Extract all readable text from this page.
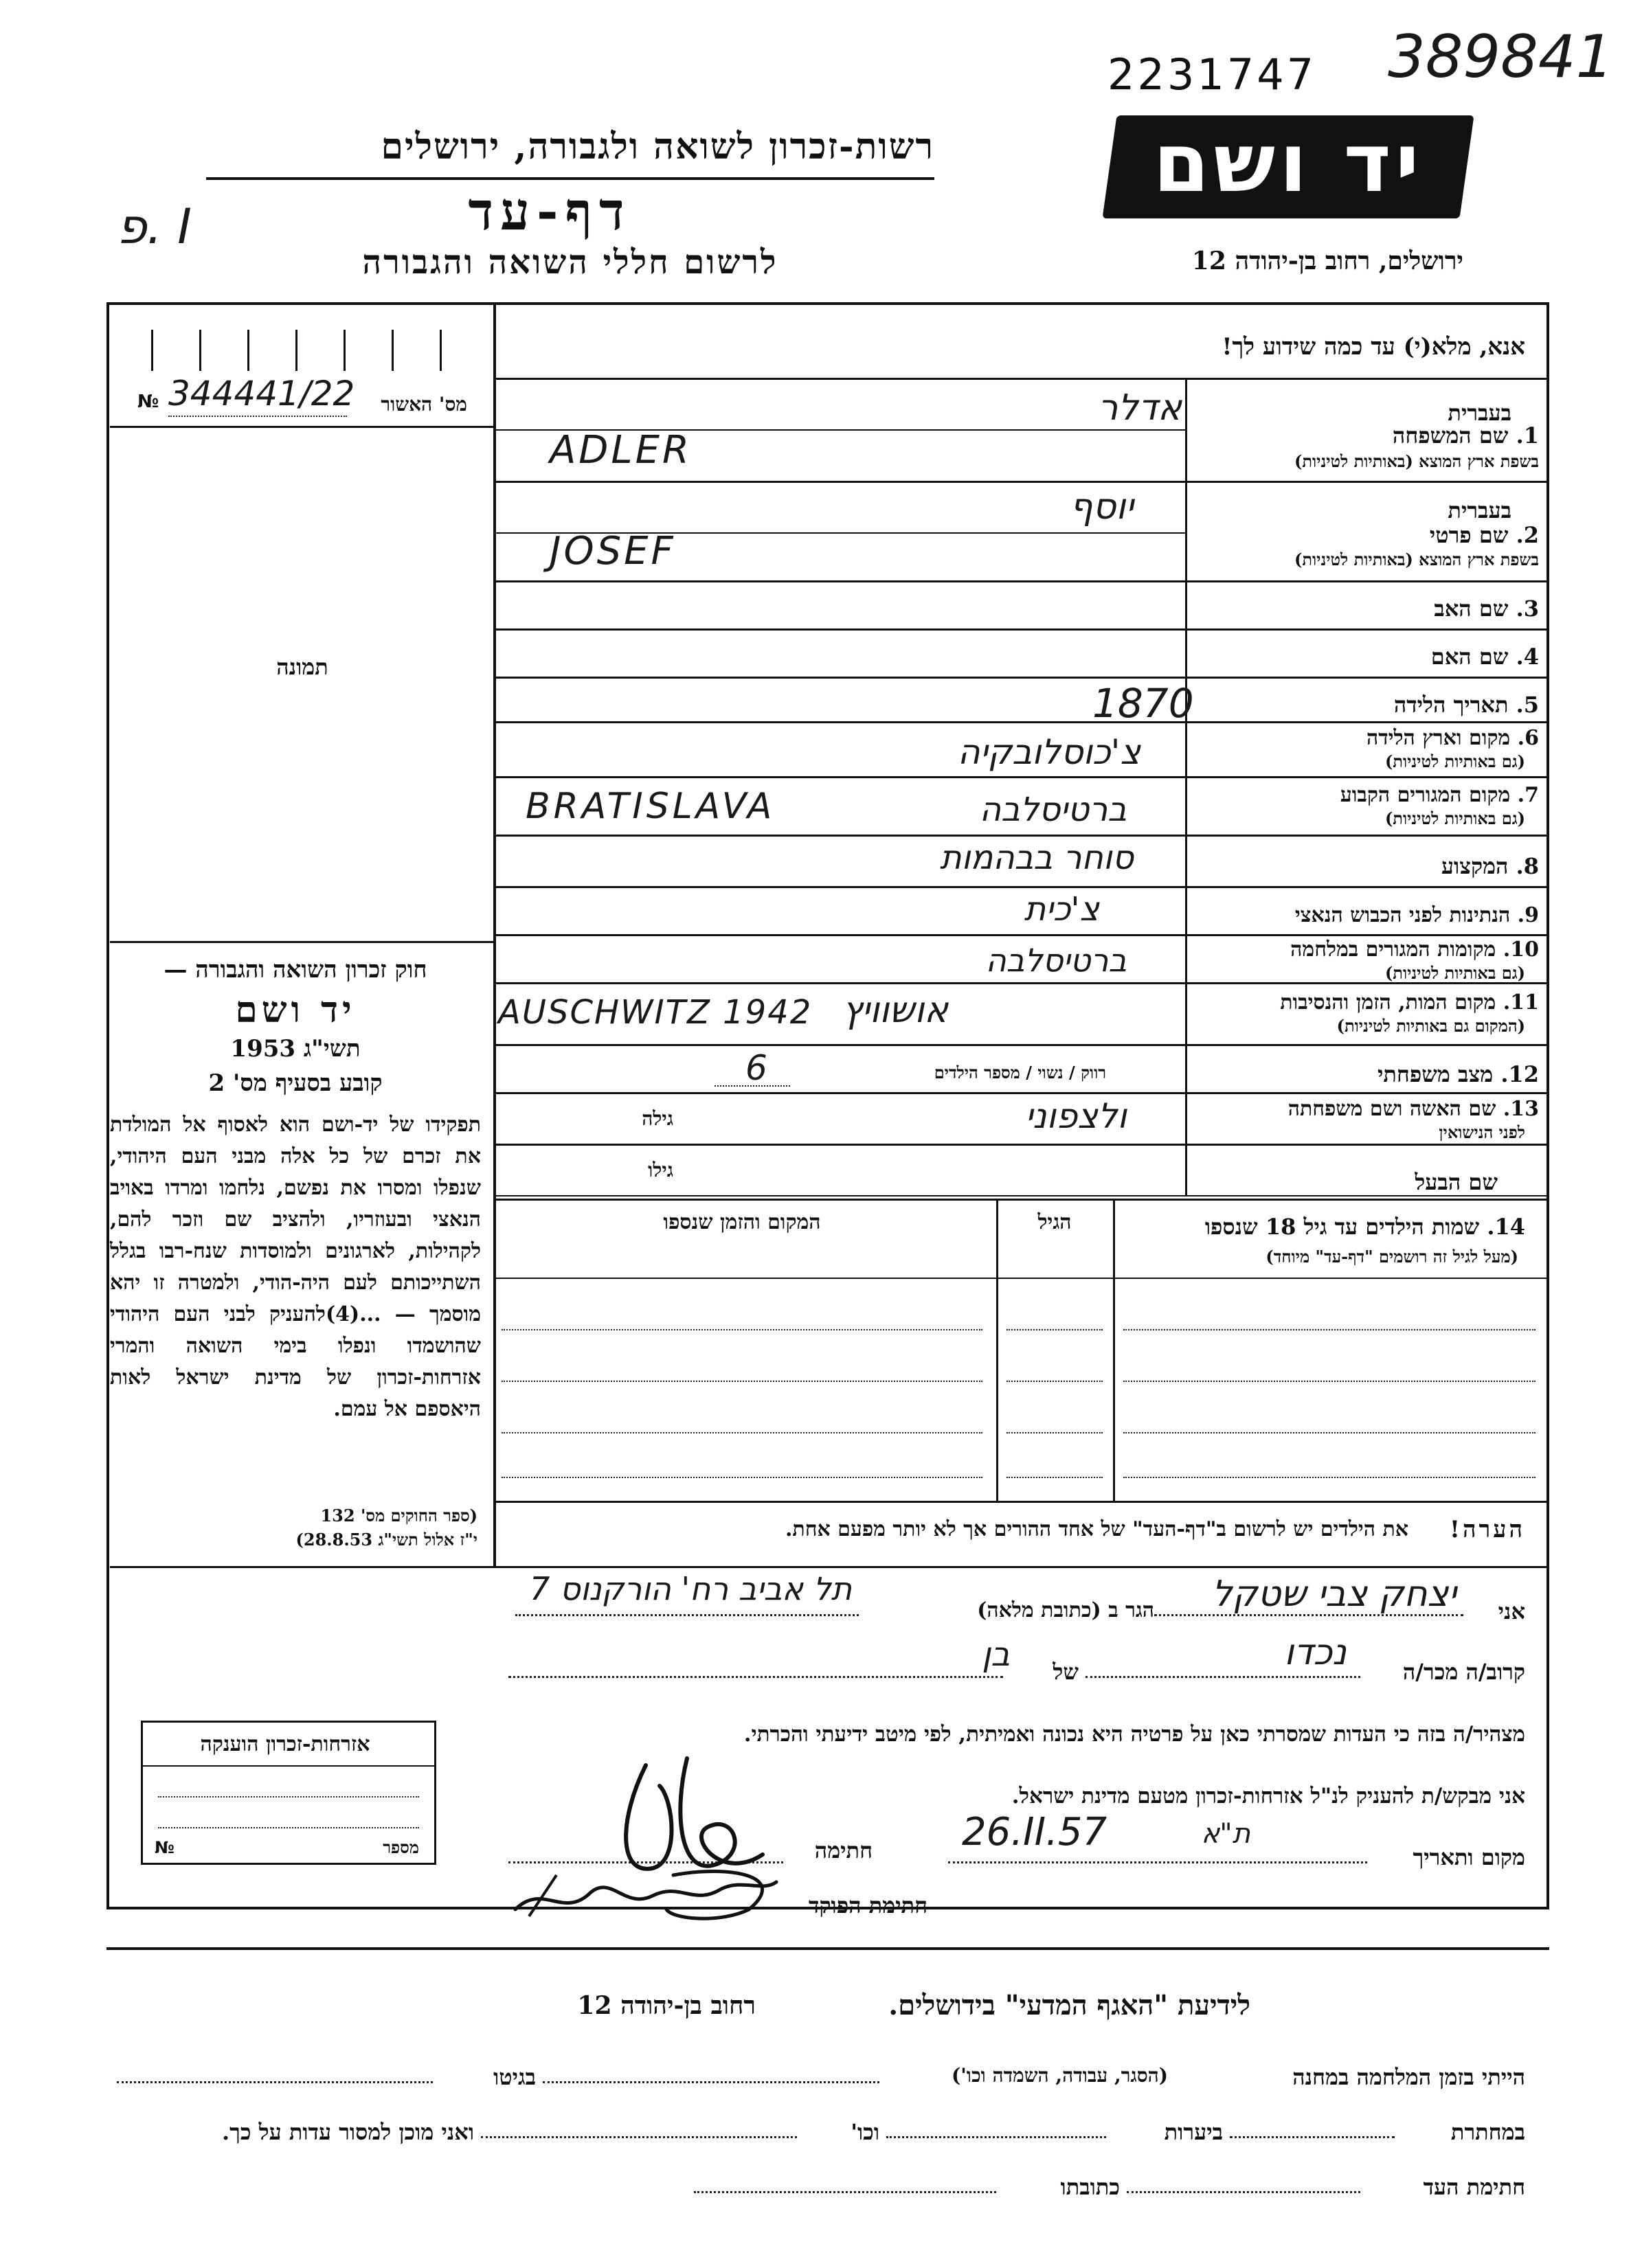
2231747 389841
יד ושם
רשות-זכרון לשואה ולגבורה, ירושלים
דף-עד
לרשום חללי השואה והגבורה	ירושלים, רחוב בן-יהודה 12
פ. I
№ 344441/22	מס' האשור
תמונה
חוק זכרון השואה והגבורה —
יד ושם
תשי"ג 1953
קובע בסעיף מס' 2
תפקידו של יד-ושם הוא לאסוף אל המולדת את זכרם של כל אלה מבני העם היהודי, שנפלו ומסרו את נפשם, נלחמו ומרדו באויב הנאצי ובעוזריו, ולהציב שם וזכר להם, לקהילות, לארגונים ולמוסדות שנח-רבו בגלל השתייכותם לעם היה-הודי, ולמטרה זו יהא מוסמך — ...(4)להעניק לבני העם היהודי שהושמדו ונפלו בימי השואה והמרי אזרחות-זכרון של מדינת ישראל לאות היאספם אל עמם.
(ספר החוקים מס' 132
י"ז אלול תשי"ג 28.8.53)
אנא, מלא(י) עד כמה שידוע לך!
בעברית
1. שם המשפחה
בשפת ארץ המוצא (באותיות לטיניות)
אדלר
ADLER
בעברית
2. שם פרטי
בשפת ארץ המוצא (באותיות לטיניות)
יוסף
JOSEF
3. שם האב
4. שם האם
5. תאריך הלידה
1870
6. מקום וארץ הלידה
(גם באותיות לטיניות)
צ'כוסלובקיה
7. מקום המגורים הקבוע
(גם באותיות לטיניות)
BRATISLAVA	ברטיסלבה
8. המקצוע
סוחר בבהמות
9. הנתינות לפני הכבוש הנאצי
צ'כית
10. מקומות המגורים במלחמה
(גם באותיות לטיניות)
ברטיסלבה
11. מקום המות, הזמן והנסיבות
(המקום גם באותיות לטיניות)
AUSCHWITZ 1942 אושוויץ
12. מצב משפחתי
רווק / נשוי / מספר הילדים
6
13. שם האשה ושם משפחתה
לפני הנישואין
ולצפוני
גילה
שם הבעל
גילו
14. שמות הילדים עד גיל 18 שנספו
(מעל לגיל זה רושמים "דף-עד" מיוחד)
הגיל
המקום והזמן שנספו
הערה!
את הילדים יש לרשום ב"דף-העד" של אחד ההורים אך לא יותר מפעם אחת.
אני
יצחק צבי שטקל
הגר ב (כתובת מלאה)
תל אביב רח' הורקנוס 7
קרוב/ה מכר/ה
נכדו
של
בן
מצהיר/ה בזה כי העדות שמסרתי כאן על פרטיה היא נכונה ואמיתית, לפי מיטב ידיעתי והכרתי.
אני מבקש/ת להעניק לנ"ל אזרחות-זכרון מטעם מדינת ישראל.
מקום ותאריך
26.II.57	ת"א
חתימה
חתימת הפוקד
אזרחות-זכרון הוענקה
№	מספר
לידיעת "האגף המדעי" בידושלים.
רחוב בן-יהודה 12
הייתי בזמן המלחמה במחנה
(הסגר, עבודה, השמדה וכו')
בגיטו
במחתרת
ביערות
וכו'
ואני מוכן למסור עדות על כך.
חתימת העד
כתובתו
